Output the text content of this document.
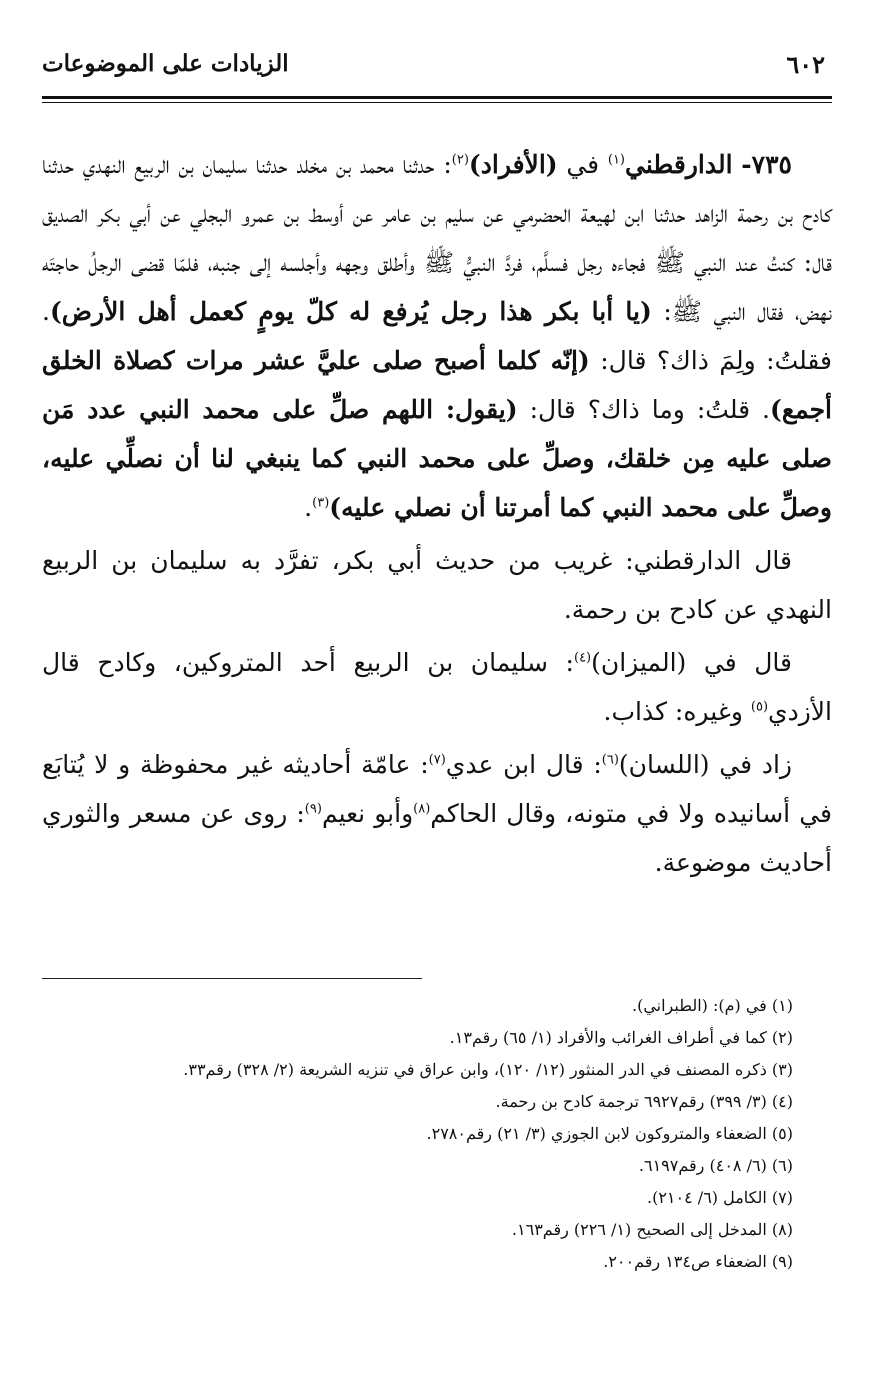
٦٠٢
الزيادات على الموضوعات

٧٣٥- الدارقطني$^{(١)}$ في (الأفراد)$^{(٢)}$: حدثنا محمد بن مخلد حدثنا سليمان بن الربيع النهدي حدثنا كادح بن رحمة الزاهد حدثنا ابن لهيعة الحضرمي عن سليم بن عامر عن أوسط بن عمرو البجلي عن أبي بكر الصديق قال: كنتُ عند النبي ﷺ فجاءه رجل فسلَّم، فردَّ النبيُّ ﷺ وأطلق وجهه وأجلسه إلى جنبه، فلمّا قضى الرجلُ حاجتَه نهض، فقال النبي ﷺ: (يا أبا بكر هذا رجل يُرفع له كلّ يومٍ كعمل أهل الأرض). فقلتُ: ولِمَ ذاك؟ قال: (إنّه كلما أصبح صلى عليَّ عشر مرات كصلاة الخلق أجمع). قلتُ: وما ذاك؟ قال: (يقول: اللهم صلِّ على محمد النبي عدد مَن صلى عليه مِن خلقك، وصلِّ على محمد النبي كما ينبغي لنا أن نصلِّي عليه، وصلِّ على محمد النبي كما أمرتنا أن نصلي عليه)$^{(٣)}$.

قال الدارقطني: غريب من حديث أبي بكر، تفرَّد به سليمان بن الربيع النهدي عن كادح بن رحمة.

قال في (الميزان)$^{(٤)}$: سليمان بن الربيع أحد المتروكين، وكادح قال الأزدي$^{(٥)}$ وغيره: كذاب.

زاد في (اللسان)$^{(٦)}$: قال ابن عدي$^{(٧)}$: عامّة أحاديثه غير محفوظة و لا يُتابَع في أسانيده ولا في متونه، وقال الحاكم$^{(٨)}$وأبو نعيم$^{(٩)}$: روى عن مسعر والثوري أحاديث موضوعة.

(١) في (م): (الطبراني).
(٢) كما في أطراف الغرائب والأفراد (١/ ٦٥) رقم١٣.
(٣) ذكره المصنف في الدر المنثور (١٢/ ١٢٠)، وابن عراق في تنزيه الشريعة (٢/ ٣٢٨) رقم٣٣.
(٤) (٣/ ٣٩٩) رقم٦٩٢٧ ترجمة كادح بن رحمة.
(٥) الضعفاء والمتروكون لابن الجوزي (٣/ ٢١) رقم٢٧٨٠.
(٦) (٦/ ٤٠٨) رقم٦١٩٧.
(٧) الكامل (٦/ ٢١٠٤).
(٨) المدخل إلى الصحيح (١/ ٢٢٦) رقم١٦٣.
(٩) الضعفاء ص١٣٤ رقم٢٠٠.
